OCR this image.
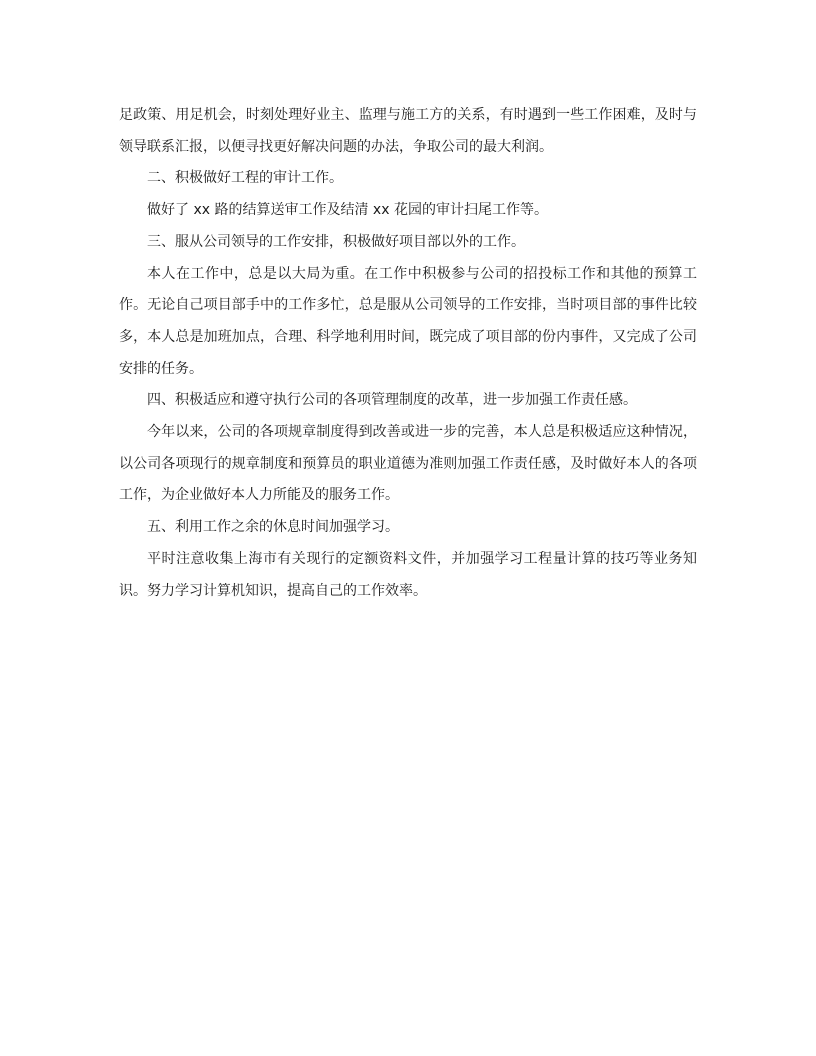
足政策、用足机会，时刻处理好业主、监理与施工方的关系，有时遇到一些工作困难，及时与领导联系汇报，以便寻找更好解决问题的办法，争取公司的最大利润。

二、积极做好工程的审计工作。

做好了 xx 路的结算送审工作及结清 xx 花园的审计扫尾工作等。

三、服从公司领导的工作安排，积极做好项目部以外的工作。

本人在工作中，总是以大局为重。在工作中积极参与公司的招投标工作和其他的预算工作。无论自己项目部手中的工作多忙，总是服从公司领导的工作安排，当时项目部的事件比较多，本人总是加班加点，合理、科学地利用时间，既完成了项目部的份内事件，又完成了公司安排的任务。

四、积极适应和遵守执行公司的各项管理制度的改革，进一步加强工作责任感。

今年以来，公司的各项规章制度得到改善或进一步的完善，本人总是积极适应这种情况，以公司各项现行的规章制度和预算员的职业道德为准则加强工作责任感，及时做好本人的各项工作，为企业做好本人力所能及的服务工作。

五、利用工作之余的休息时间加强学习。

平时注意收集上海市有关现行的定额资料文件，并加强学习工程量计算的技巧等业务知识。努力学习计算机知识，提高自己的工作效率。
